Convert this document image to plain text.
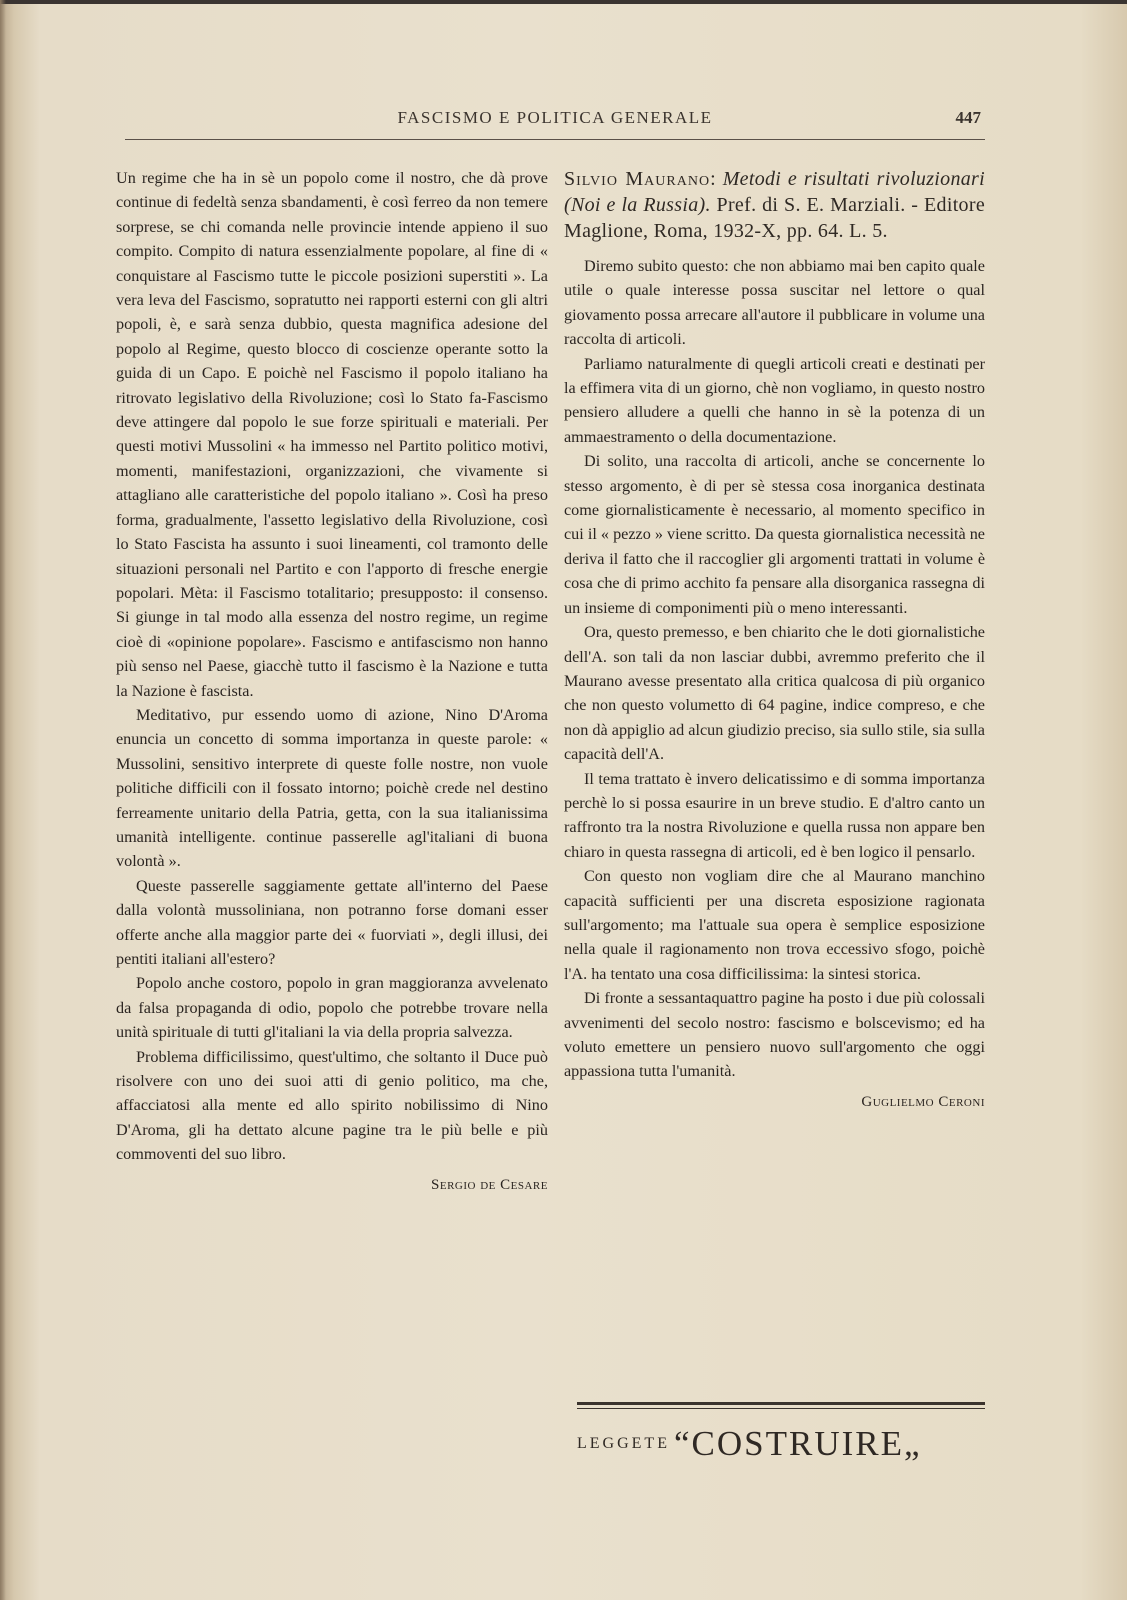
FASCISMO E POLITICA GENERALE	447

Un regime che ha in sè un popolo come il nostro, che dà prove continue di fedeltà senza sbandamenti, è così ferreo da non temere sorprese, se chi comanda nelle provincie intende appieno il suo compito. Compito di natura essenzialmente popolare, al fine di « conquistare al Fascismo tutte le piccole posizioni superstiti ». La vera leva del Fascismo, sopratutto nei rapporti esterni con gli altri popoli, è, e sarà senza dubbio, questa magnifica adesione del popolo al Regime, questo blocco di coscienze operante sotto la guida di un Capo. E poichè nel Fascismo il popolo italiano ha ritrovato legislativo della Rivoluzione; così lo Stato fa-Fascismo deve attingere dal popolo le sue forze spirituali e materiali. Per questi motivi Mussolini « ha immesso nel Partito politico motivi, momenti, manifestazioni, organizzazioni, che vivamente si attagliano alle caratteristiche del popolo italiano ». Così ha preso forma, gradualmente, l'assetto legislativo della Rivoluzione, così lo Stato Fascista ha assunto i suoi lineamenti, col tramonto delle situazioni personali nel Partito e con l'apporto di fresche energie popolari. Mèta: il Fascismo totalitario; presupposto: il consenso. Si giunge in tal modo alla essenza del nostro regime, un regime cioè di «opinione popolare». Fascismo e antifascismo non hanno più senso nel Paese, giacchè tutto il fascismo è la Nazione e tutta la Nazione è fascista.

Meditativo, pur essendo uomo di azione, Nino D'Aroma enuncia un concetto di somma importanza in queste parole: « Mussolini, sensitivo interprete di queste folle nostre, non vuole politiche difficili con il fossato intorno; poichè crede nel destino ferreamente unitario della Patria, getta, con la sua italianissima umanità intelligente. continue passerelle agl'italiani di buona volontà ».

Queste passerelle saggiamente gettate all'interno del Paese dalla volontà mussoliniana, non potranno forse domani esser offerte anche alla maggior parte dei « fuorviati », degli illusi, dei pentiti italiani all'estero?

Popolo anche costoro, popolo in gran maggioranza avvelenato da falsa propaganda di odio, popolo che potrebbe trovare nella unità spirituale di tutti gl'italiani la via della propria salvezza.

Problema difficilissimo, quest'ultimo, che soltanto il Duce può risolvere con uno dei suoi atti di genio politico, ma che, affacciatosi alla mente ed allo spirito nobilissimo di Nino D'Aroma, gli ha dettato alcune pagine tra le più belle e più commoventi del suo libro.

Sergio de Cesare
Silvio Maurano: Metodi e risultati rivoluzionari (Noi e la Russia). Pref. di S. E. Marziali. - Editore Maglione, Roma, 1932-X, pp. 64. L. 5.

Diremo subito questo: che non abbiamo mai ben capito quale utile o quale interesse possa suscitar nel lettore o qual giovamento possa arrecare all'autore il pubblicare in volume una raccolta di articoli.

Parliamo naturalmente di quegli articoli creati e destinati per la effimera vita di un giorno, chè non vogliamo, in questo nostro pensiero alludere a quelli che hanno in sè la potenza di un ammaestramento o della documentazione.

Di solito, una raccolta di articoli, anche se concernente lo stesso argomento, è di per sè stessa cosa inorganica destinata come giornalisticamente è necessario, al momento specifico in cui il « pezzo » viene scritto. Da questa giornalistica necessità ne deriva il fatto che il raccoglier gli argomenti trattati in volume è cosa che di primo acchito fa pensare alla disorganica rassegna di un insieme di componimenti più o meno interessanti.

Ora, questo premesso, e ben chiarito che le doti giornalistiche dell'A. son tali da non lasciar dubbi, avremmo preferito che il Maurano avesse presentato alla critica qualcosa di più organico che non questo volumetto di 64 pagine, indice compreso, e che non dà appiglio ad alcun giudizio preciso, sia sullo stile, sia sulla capacità dell'A.

Il tema trattato è invero delicatissimo e di somma importanza perchè lo si possa esaurire in un breve studio. E d'altro canto un raffronto tra la nostra Rivoluzione e quella russa non appare ben chiaro in questa rassegna di articoli, ed è ben logico il pensarlo.

Con questo non vogliam dire che al Maurano manchino capacità sufficienti per una discreta esposizione ragionata sull'argomento; ma l'attuale sua opera è semplice esposizione nella quale il ragionamento non trova eccessivo sfogo, poichè l'A. ha tentato una cosa difficilissima: la sintesi storica.

Di fronte a sessantaquattro pagine ha posto i due più colossali avvenimenti del secolo nostro: fascismo e bolscevismo; ed ha voluto emettere un pensiero nuovo sull'argomento che oggi appassiona tutta l'umanità.

Guglielmo Ceroni
LEGGETE “COSTRUIRE„
